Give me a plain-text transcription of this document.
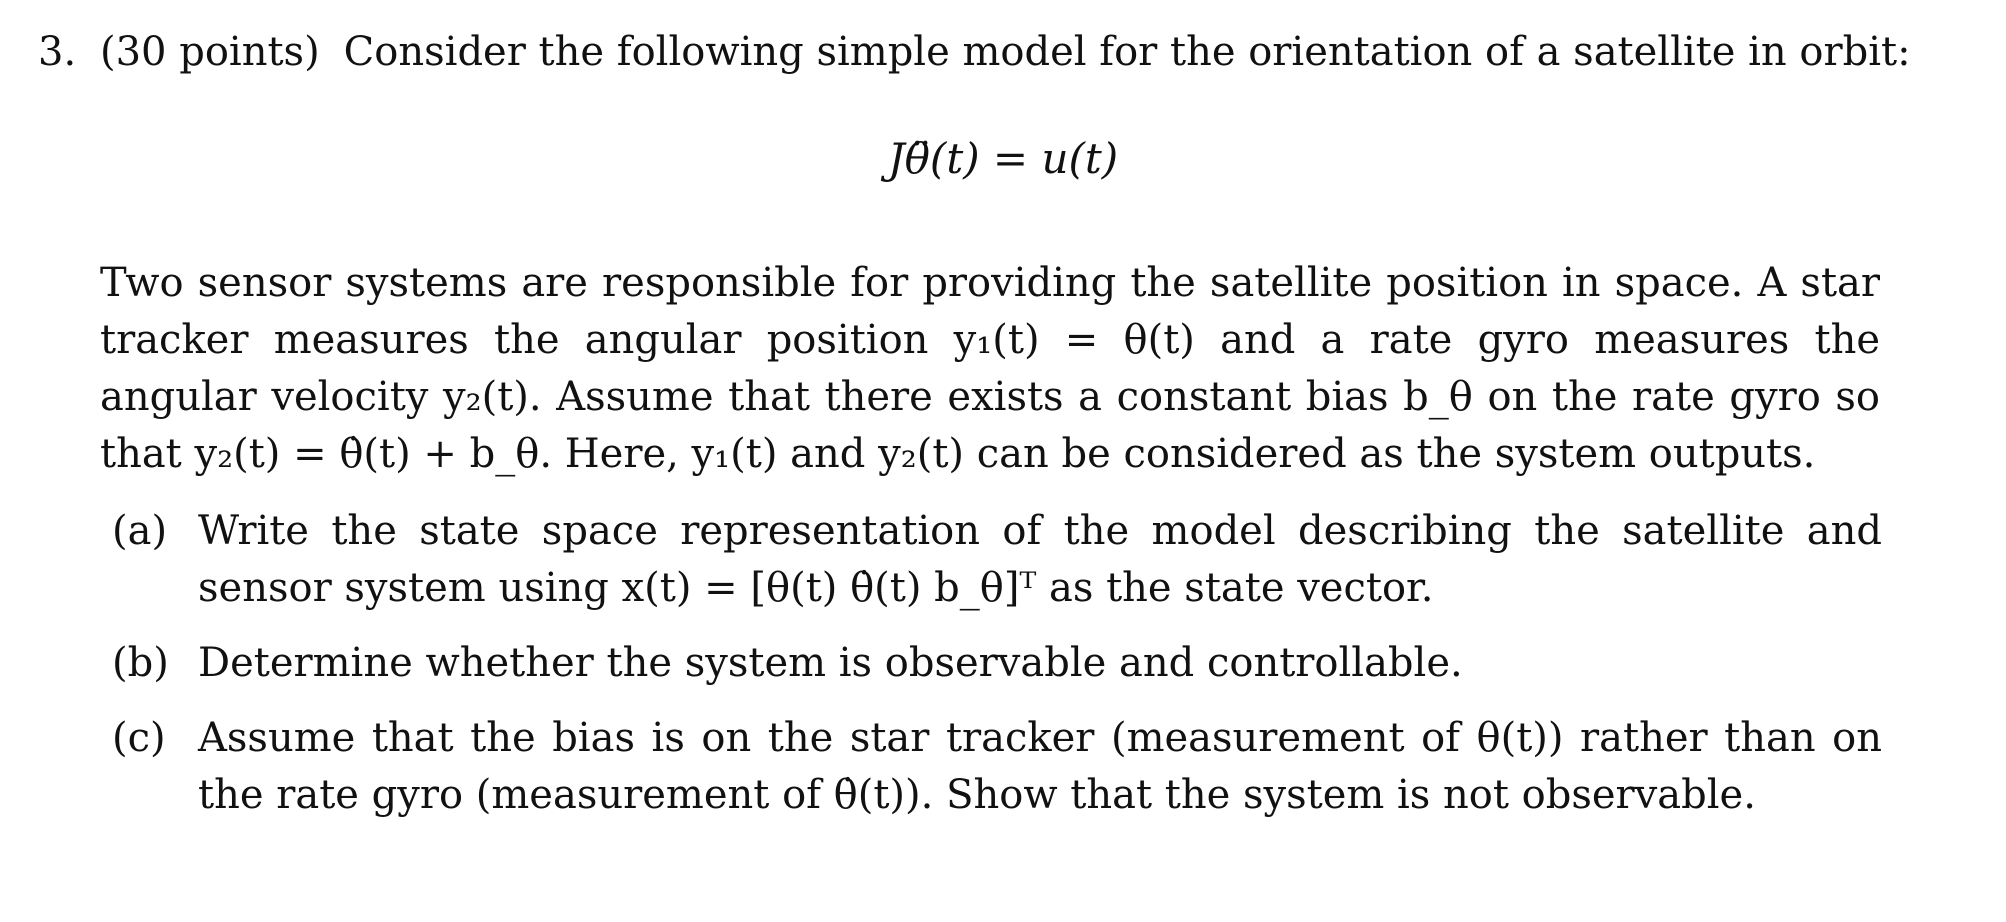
3. (30 points) Consider the following simple model for the orientation of a satellite in orbit:
Jθ̈(t) = u(t)
Two sensor systems are responsible for providing the satellite position in space. A star tracker measures the angular position y₁(t) = θ(t) and a rate gyro measures the angular velocity y₂(t). Assume that there exists a constant bias b_θ on the rate gyro so that y₂(t) = θ̇(t) + b_θ. Here, y₁(t) and y₂(t) can be considered as the system outputs.
(a) Write the state space representation of the model describing the satellite and sensor system using x(t) = [θ(t) θ̇(t) b_θ]ᵀ as the state vector.
(b) Determine whether the system is observable and controllable.
(c) Assume that the bias is on the star tracker (measurement of θ(t)) rather than on the rate gyro (measurement of θ̇(t)). Show that the system is not observable.
